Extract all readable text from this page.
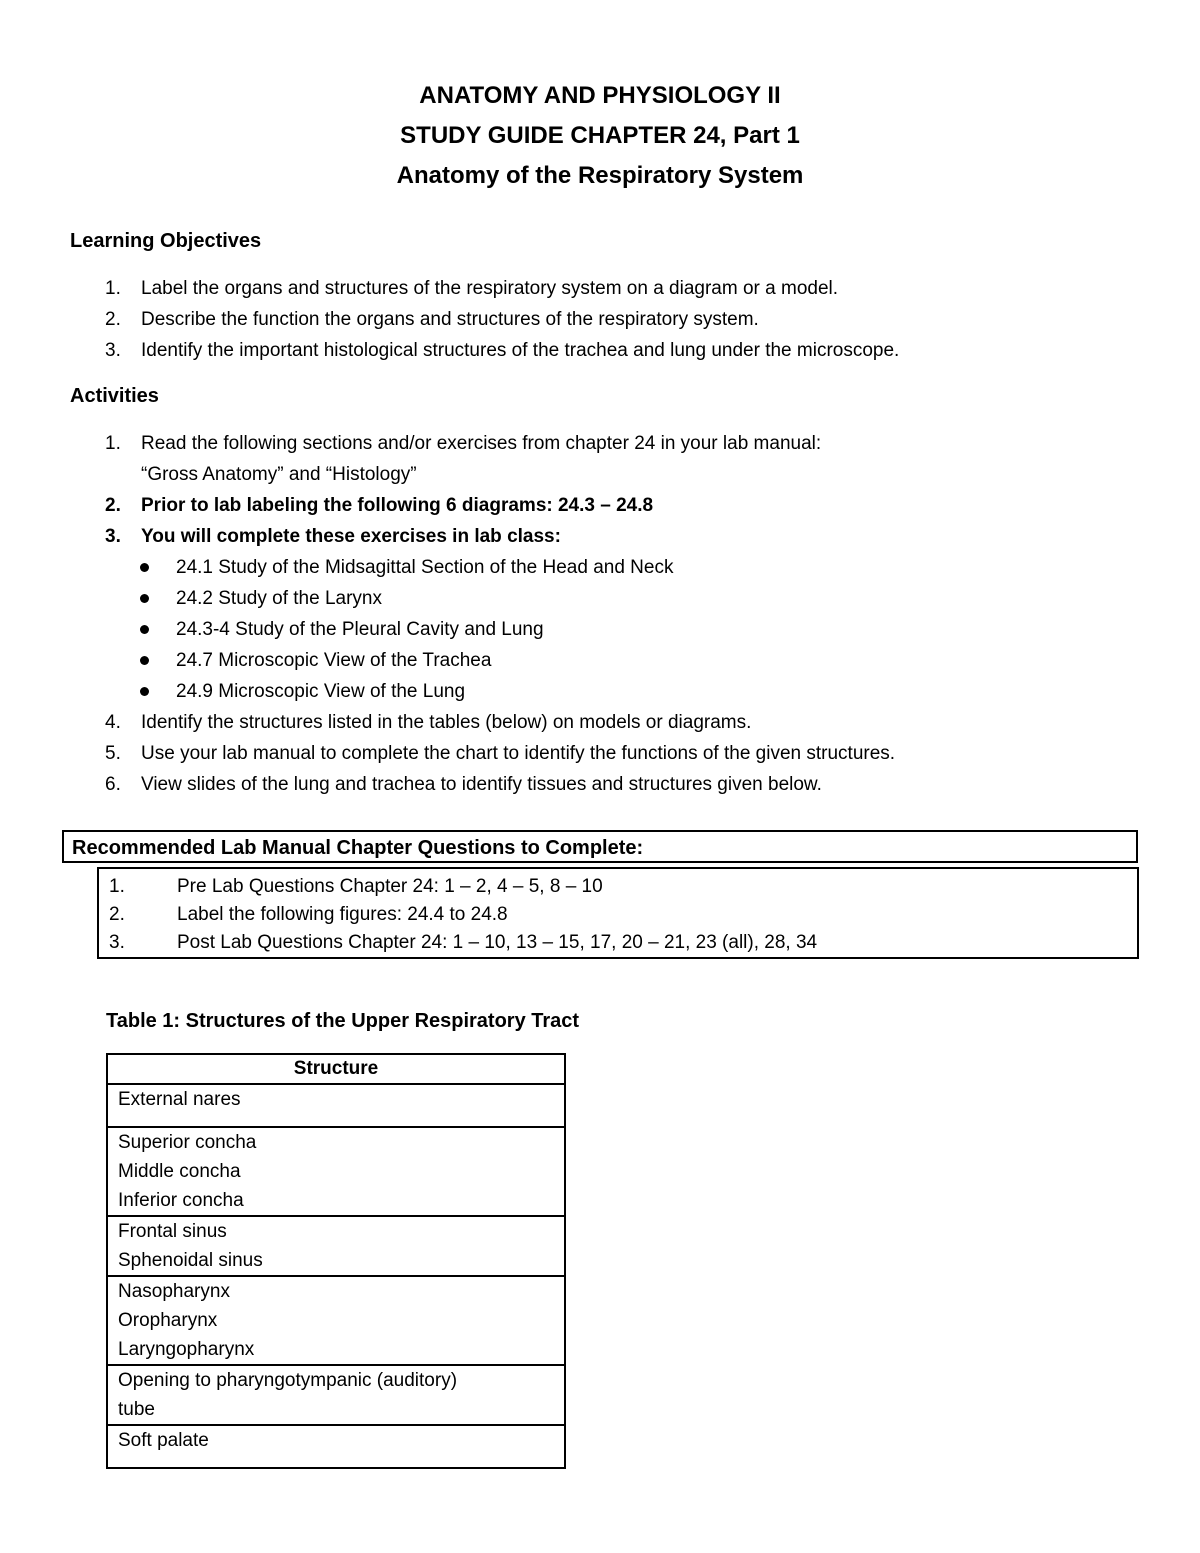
ANATOMY AND PHYSIOLOGY II
STUDY GUIDE CHAPTER 24, Part 1
Anatomy of the Respiratory System
Learning Objectives
1. Label the organs and structures of the respiratory system on a diagram or a model.
2. Describe the function the organs and structures of the respiratory system.
3. Identify the important histological structures of the trachea and lung under the microscope.
Activities
1. Read the following sections and/or exercises from chapter 24 in your lab manual:
“Gross Anatomy” and “Histology”
2. Prior to lab labeling the following 6 diagrams: 24.3 – 24.8
3. You will complete these exercises in lab class:
24.1 Study of the Midsagittal Section of the Head and Neck
24.2 Study of the Larynx
24.3-4 Study of the Pleural Cavity and Lung
24.7 Microscopic View of the Trachea
24.9 Microscopic View of the Lung
4. Identify the structures listed in the tables (below) on models or diagrams.
5. Use your lab manual to complete the chart to identify the functions of the given structures.
6. View slides of the lung and trachea to identify tissues and structures given below.
Recommended Lab Manual Chapter Questions to Complete:
1.	Pre Lab Questions Chapter 24: 1 – 2, 4 – 5, 8 – 10
2.	Label the following figures: 24.4 to 24.8
3.	Post Lab Questions Chapter 24: 1 – 10, 13 – 15, 17, 20 – 21, 23 (all), 28, 34
Table 1: Structures of the Upper Respiratory Tract
Structure

External nares

Superior concha
Middle concha
Inferior concha

Frontal sinus
Sphenoidal sinus

Nasopharynx
Oropharynx
Laryngopharynx

Opening to pharyngotympanic (auditory)
tube

Soft palate
